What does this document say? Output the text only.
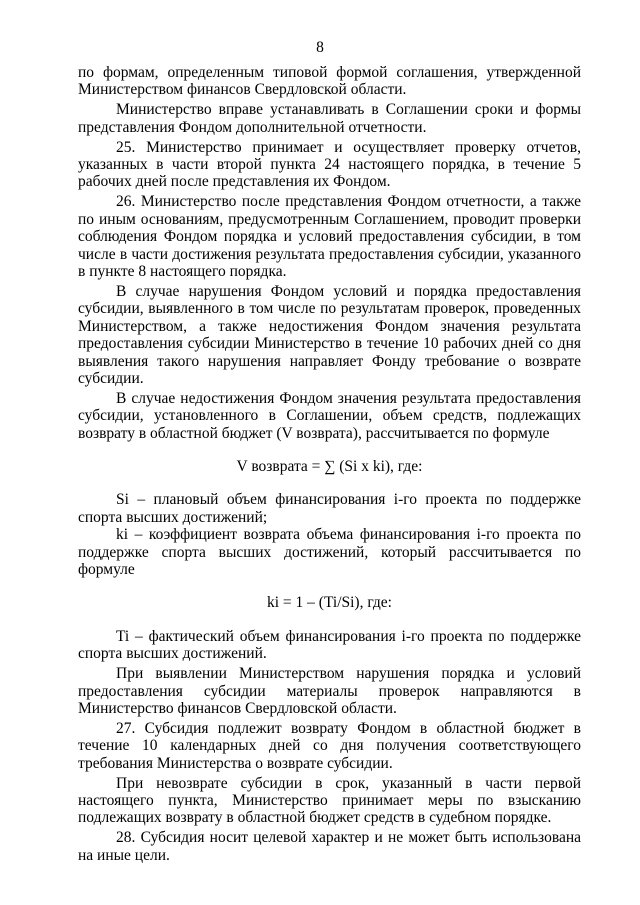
8

по формам, определенным типовой формой соглашения, утвержденной Министерством финансов Свердловской области.

Министерство вправе устанавливать в Соглашении сроки и формы представления Фондом дополнительной отчетности.

25. Министерство принимает и осуществляет проверку отчетов, указанных в части второй пункта 24 настоящего порядка, в течение 5 рабочих дней после представления их Фондом.

26. Министерство после представления Фондом отчетности, а также по иным основаниям, предусмотренным Соглашением, проводит проверки соблюдения Фондом порядка и условий предоставления субсидии, в том числе в части достижения результата предоставления субсидии, указанного в пункте 8 настоящего порядка.

В случае нарушения Фондом условий и порядка предоставления субсидии, выявленного в том числе по результатам проверок, проведенных Министерством, а также недостижения Фондом значения результата предоставления субсидии Министерство в течение 10 рабочих дней со дня выявления такого нарушения направляет Фонду требование о возврате субсидии.

В случае недостижения Фондом значения результата предоставления субсидии, установленного в Соглашении, объем средств, подлежащих возврату в областной бюджет (V возврата), рассчитывается по формуле

V возврата = ∑ (Si x ki), где:

Si – плановый объем финансирования i-го проекта по поддержке спорта высших достижений;

ki – коэффициент возврата объема финансирования i-го проекта по поддержке спорта высших достижений, который рассчитывается по формуле

ki = 1 – (Ti/Si), где:

Ti – фактический объем финансирования i-го проекта по поддержке спорта высших достижений.

При выявлении Министерством нарушения порядка и условий предоставления субсидии материалы проверок направляются в Министерство финансов Свердловской области.

27. Субсидия подлежит возврату Фондом в областной бюджет в течение 10 календарных дней со дня получения соответствующего требования Министерства о возврате субсидии.

При невозврате субсидии в срок, указанный в части первой настоящего пункта, Министерство принимает меры по взысканию подлежащих возврату в областной бюджет средств в судебном порядке.

28. Субсидия носит целевой характер и не может быть использована на иные цели.
